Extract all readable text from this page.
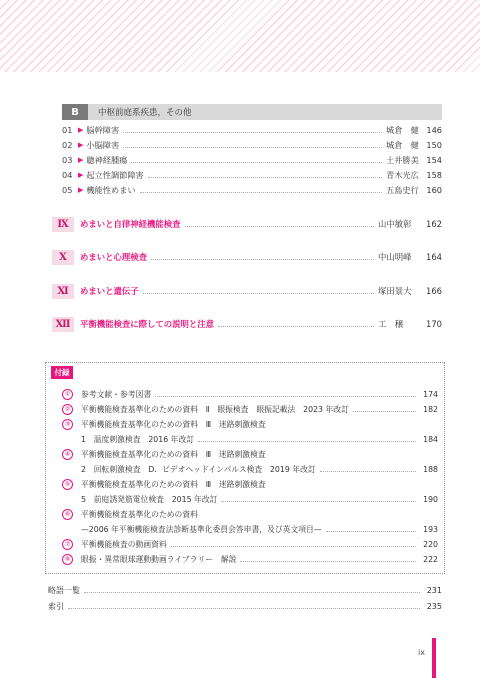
B	中枢前庭系疾患，その他
01 ▶ 脳幹障害	城倉　健 146
02 ▶ 小脳障害	城倉　健 150
03 ▶ 聴神経腫瘍	土井勝美 154
04 ▶ 起立性調節障害	青木光広 158
05 ▶ 機能性めまい	五島史行 160
Ⅸ	めまいと自律神経機能検査	山中敏彰	162
Ⅹ	めまいと心理検査	中山明峰	164
Ⅺ	めまいと遺伝子	塚田景大	166
Ⅻ	平衡機能検査に際しての説明と注意	工　穣	170
付録
①	参考文献・参考図書	174
②	平衡機能検査基準化のための資料　Ⅱ　眼振検査　眼振記載法　2023 年改訂	182
③	平衡機能検査基準化のための資料　Ⅲ　迷路刺激検査
1　温度刺激検査　2016 年改訂	184
④	平衡機能検査基準化のための資料　Ⅲ　迷路刺激検査
2　回転刺激検査　D．ビデオヘッドインパルス検査　2019 年改訂	188
⑤	平衡機能検査基準化のための資料　Ⅲ　迷路刺激検査
5　前庭誘発筋電位検査　2015 年改訂	190
⑥	平衡機能検査基準化のための資料
—2006 年平衡機能検査法診断基準化委員会答申書，及び英文項目—	193
⑦	平衡機能検査の動画資料	220
⑧	眼振・異常眼球運動動画ライブラリー　解説	222
略語一覧	231
索引	235
ix
